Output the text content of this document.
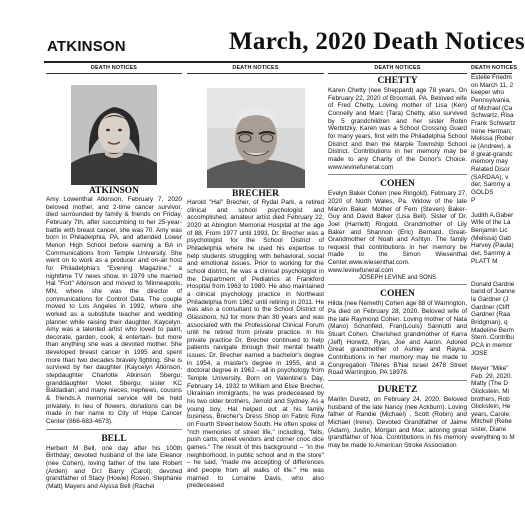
ATKINSON	March, 2020 Death Notices
DEATH NOTICES
ATKINSON

Amy Lowenthal Atkinson, February 7, 2020 beloved mother, and 2-time cancer survivor, died surrounded by family & friends on Friday, February 7th, after succumbing to her 25-year-battle with breast cancer, she was 70. Amy was born in Philadelphia, PA, and attended Lower Merion High School before earning a BA in Communications from Temple University. She went on to work as a producer and on-air host for Philadelphia's "Evening Magazine," a nighttime TV news show. In 1979 she married Hal "Fort" Atkinson and moved to 'Minneapolis, MN, where she was the director of communications for Control Data. The couple moved to Los Angeles in 1992, where she worked as a substitute teacher and wedding planner while raising their daughter, Kaycelyn. Amy was a talented artist who loved to paint, decorate, garden, cook, & entertain- but more than anything she was a devoted mother. She developed breast cancer in 1995 and spent more than two decades bravely fighting. She is survived by her daughter (Kaycelyn Atkinson, stepdaughter Charlotte Atkinson Sbergu; granddaughter Violet Sbergu; sister KC Baldadian; and many nieces, nephews, cousins & friends.A memorial service will be held privately. In lieu of flowers, donations can be made in her name to City of Hope Cancer Center (866-683-4673).

BELL

Herbert M Bell, one day after his 100th Birthday; devoted husband of the late Eleanor (nee Cohen), loving father of the late Robert (Arden) and Dr.I Barry (Carol); devoted grandfather of Stacy (Howie) Rosen, Stephanie (Matt) Mayers and Alyssa Bell (Rachel

DEATH NOTICES
BRECHER

Harold "Hal" Brecher, of Rydal Park, a retired clinical and school psychologist and accomplished, amateur artist died February 22, 2020 at Abington Memorial Hospital at the age of 88. From 1977 until 1993, Dr. Brecher was a psychologist for the School District of Philadelphia where he used his expertise to help students struggling with behavioral, social and emotional issues. Prior to working for the school district, he was a clinical psychologist in the Department of Pediatrics at Frankford Hospital from 1963 to 1980. He also maintained a clinical psychology practice in Northeast Philadelphia from 1962 until retiring in 2011. He was also a consultant to the School District of Glassboro, NJ for more than 30 years and was associated with the Professional Clinical Forum until he retired from private practice. In his private practice Dr. Brecher continued to help patients navigate through their mental health issues. Dr. Brecher earned a bachelor's degree in 1954, a master's degree in 1955, and a doctoral degree in 1962 – all in psychology from Temple University. Born on Valentine's Day, February 14, 1932 to William and Elsie Brecher, Ukrainian immigrants, he was predeceased by his two older brothers, Jerrold and Sydney. As a young boy, Hal helped out at his family business, Brecher's Dress Shop on Fabric Row on Fourth Street below South. He often spoke of "rich memories of street life," including, "fells, push carts, street vendors and corner cnoc dice games." The result of this background – "in the neighborhood, in public school and in the store" – he said, "made me accepting of differences and people from all walks of life." He was married to Lorraine Davis, who also predeceased

DEATH NOTICES
CHETTY

Karen Chetty (nee Sheppard) age 78 years, On February 22, 2020 of Broomall, PA. Beloved wife of Fred Chetty, Loving mother of Lisa (Ken) Connelly and Marc (Tara) Chetty, also survived by 5 grandchildren and her sister Robin Werbitzky. Karen was a School Crossing Guard for many years, first with the Philadelphia School District and then the Marple Township School District. Contributions in her memory may be made to any Charity of the Donor's Choice. www.levinefuneral.com

COHEN

Evelyn Baker Cohen (nee Ringold), February 27, 2020 of North Wales, Pa. Widow of the late Marvin Baker. Mother of Fern (Steven) Baker-Guy and David Baker (Lisa Bell). Sister of Dr. Joel (Harriett) Ringold. Grandmother of Lily Baker and Shannon (Eric) Bernard. Great-Grandmother of Noah and Ashtyn. The family request that contributions in her memory be made to the Simon Wiesenthal Center.www.wiesenthal.com. www.levinefuneral.com

JOSEPH LEVINE and SONS
COHEN

Hilda (nee Nemeth) Cohen age 88 of Warrington, Pa died on February 28, 2020. Beloved wife of the late Raymond Cohen. Loving mother of Nata (Mario) Schonfeld, Fran(Louis) Sannutti and Stuart Cohen. Cherished grandmother of Karra (Jeff) Horwitz, Ryan, Joe and Aaron. Adored Great grandmother of Ashley and Rayna. Contributions in her memory may be made to Congregation Tiferes B'Nai Israel 2478 Street Road Warrington, PA 18976.

DURETZ

Marilin Duretz, on February 24, 2020. Beloved husband of the late Nancy (nee Ackburn). Loving father of Randie (Michael) , Scott (Robin) and Michael (Irene). Devoted Grandfather of Jaime (Adam), Justin, Morgan and Max; adoring great grandfather of Noa. Contributions in his memory may be made to American Stroke Association

DEATH NOTICES
Estelle Friedm
on March 11, 2
keeper who
Pennsylvania,
of Michael (Ca
Schwartz, Risa
Frank Schwartz
Irene Herman;
Melissa (Rober
ie (Andrew), a
8 great-grandc
memory may
Related Disor
(SARDAA), v
der, Sammy a
GOLDS
P
Judith A.Gaber
Wife of the La
Benjamin Lic
(Melissa) Gab
Harvey (Paula)
der, Sammy a
PLATT M
Donald Gardne
band of Joanne
la Gardner (J
Gardner (Cliff
Gardner (Raa
Bridgman), q
Madeline Berm
Stern. Contribu
PCA in memor
JOSE
Meyer "Mike"
Feb. 29, 2020.
Matty (The D
Glickstein. Mi
brothers, Rob
Glickstein, He
years, Carole;
Mitchell (Rebe
sister, Diane
everything to M
